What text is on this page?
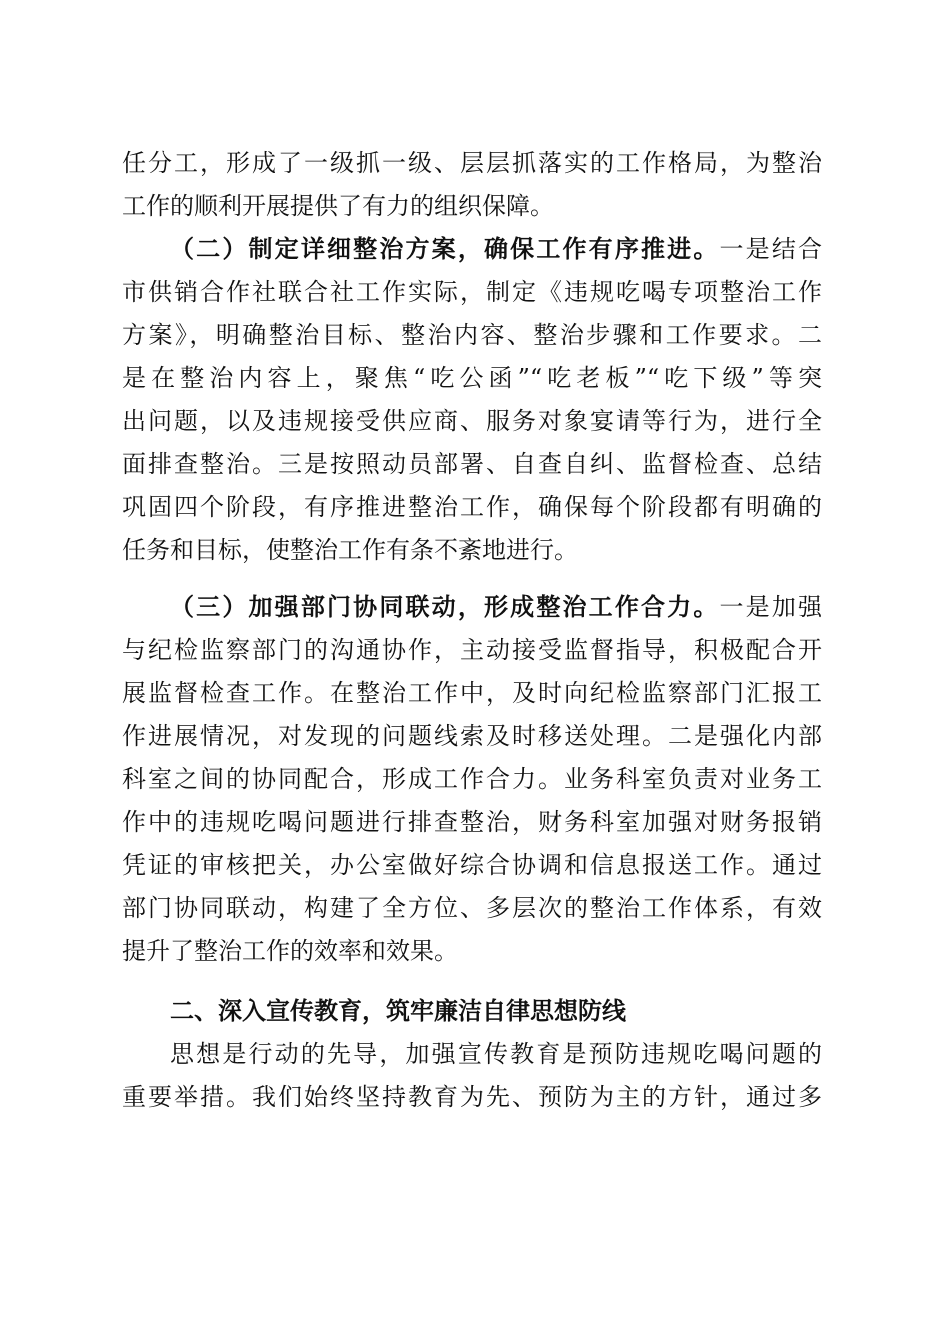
任分工，形成了一级抓一级、层层抓落实的工作格局，为整治
工作的顺利开展提供了有力的组织保障。
（二）制定详细整治方案，确保工作有序推进。一是结合
市供销合作社联合社工作实际，制定《违规吃喝专项整治工作
方案》，明确整治目标、整治内容、整治步骤和工作要求。二
是在整治内容上，聚焦“吃公函”“吃老板”“吃下级”等突
出问题，以及违规接受供应商、服务对象宴请等行为，进行全
面排查整治。三是按照动员部署、自查自纠、监督检查、总结
巩固四个阶段，有序推进整治工作，确保每个阶段都有明确的
任务和目标，使整治工作有条不紊地进行。
（三）加强部门协同联动，形成整治工作合力。一是加强
与纪检监察部门的沟通协作，主动接受监督指导，积极配合开
展监督检查工作。在整治工作中，及时向纪检监察部门汇报工
作进展情况，对发现的问题线索及时移送处理。二是强化内部
科室之间的协同配合，形成工作合力。业务科室负责对业务工
作中的违规吃喝问题进行排查整治，财务科室加强对财务报销
凭证的审核把关，办公室做好综合协调和信息报送工作。通过
部门协同联动，构建了全方位、多层次的整治工作体系，有效
提升了整治工作的效率和效果。
二、深入宣传教育，筑牢廉洁自律思想防线
思想是行动的先导，加强宣传教育是预防违规吃喝问题的
重要举措。我们始终坚持教育为先、预防为主的方针，通过多
